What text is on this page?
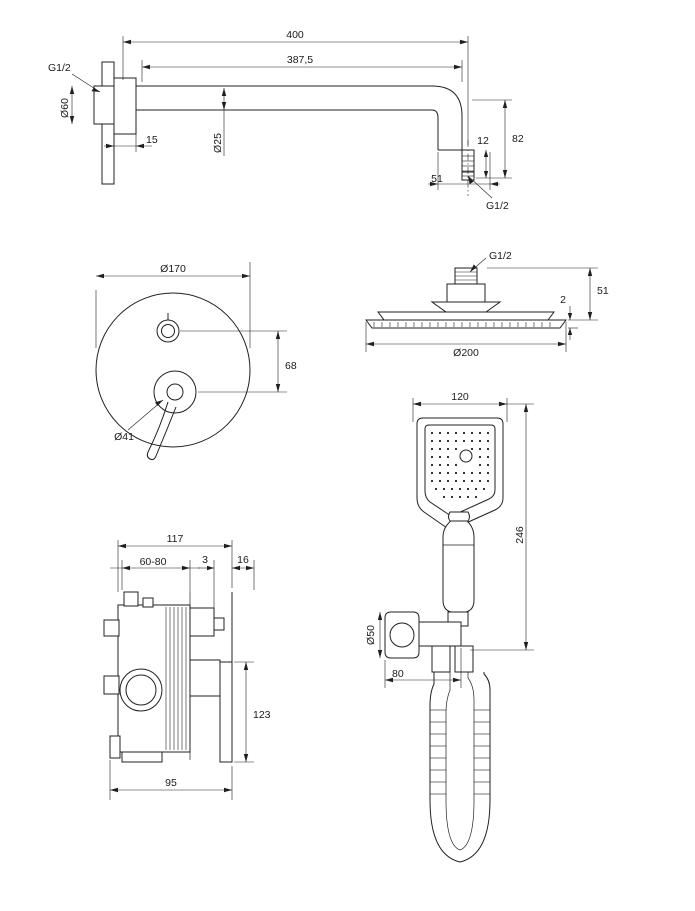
400
387,5
G1/2
Ø60
15	Ø25	82
12
51
G1/2
Ø170
Ø41
68
G1/2
51
2
Ø200
117
60-80	3	16
123
95
120
246
Ø50
80
